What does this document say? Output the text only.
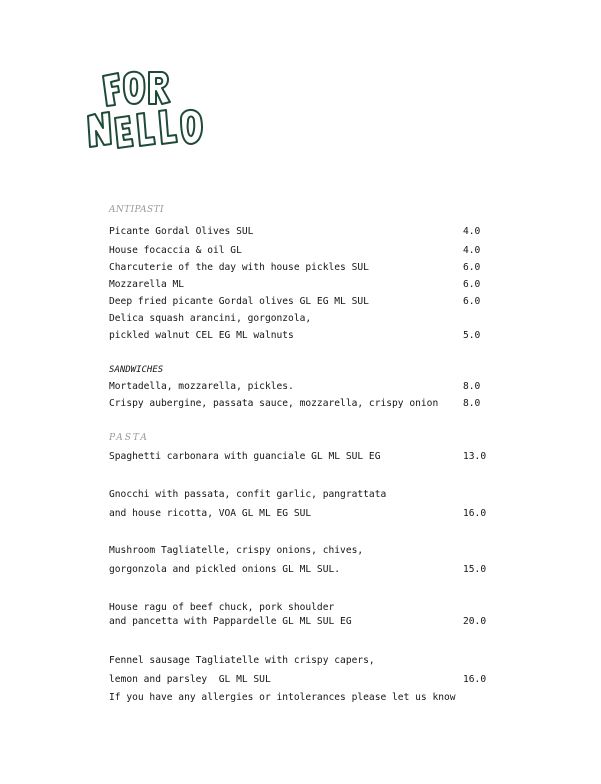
ANTIPASTI
Picante Gordal Olives SUL	4.0
House focaccia & oil GL	4.0
Charcuterie of the day with house pickles SUL	6.0
Mozzarella ML	6.0
Deep fried picante Gordal olives GL EG ML SUL	6.0
Delica squash arancini, gorgonzola,
pickled walnut CEL EG ML walnuts	5.0
SANDWICHES
Mortadella, mozzarella, pickles.	8.0
Crispy aubergine, passata sauce, mozzarella, crispy onion	8.0
PASTA
Spaghetti carbonara with guanciale GL ML SUL EG	13.0
Gnocchi with passata, confit garlic, pangrattata
and house ricotta, VOA GL ML EG SUL	16.0
Mushroom Tagliatelle, crispy onions, chives,
gorgonzola and pickled onions GL ML SUL.	15.0
House ragu of beef chuck, pork shoulder
and pancetta with Pappardelle GL ML SUL EG	20.0
Fennel sausage Tagliatelle with crispy capers,
lemon and parsley  GL ML SUL	16.0
If you have any allergies or intolerances please let us know
